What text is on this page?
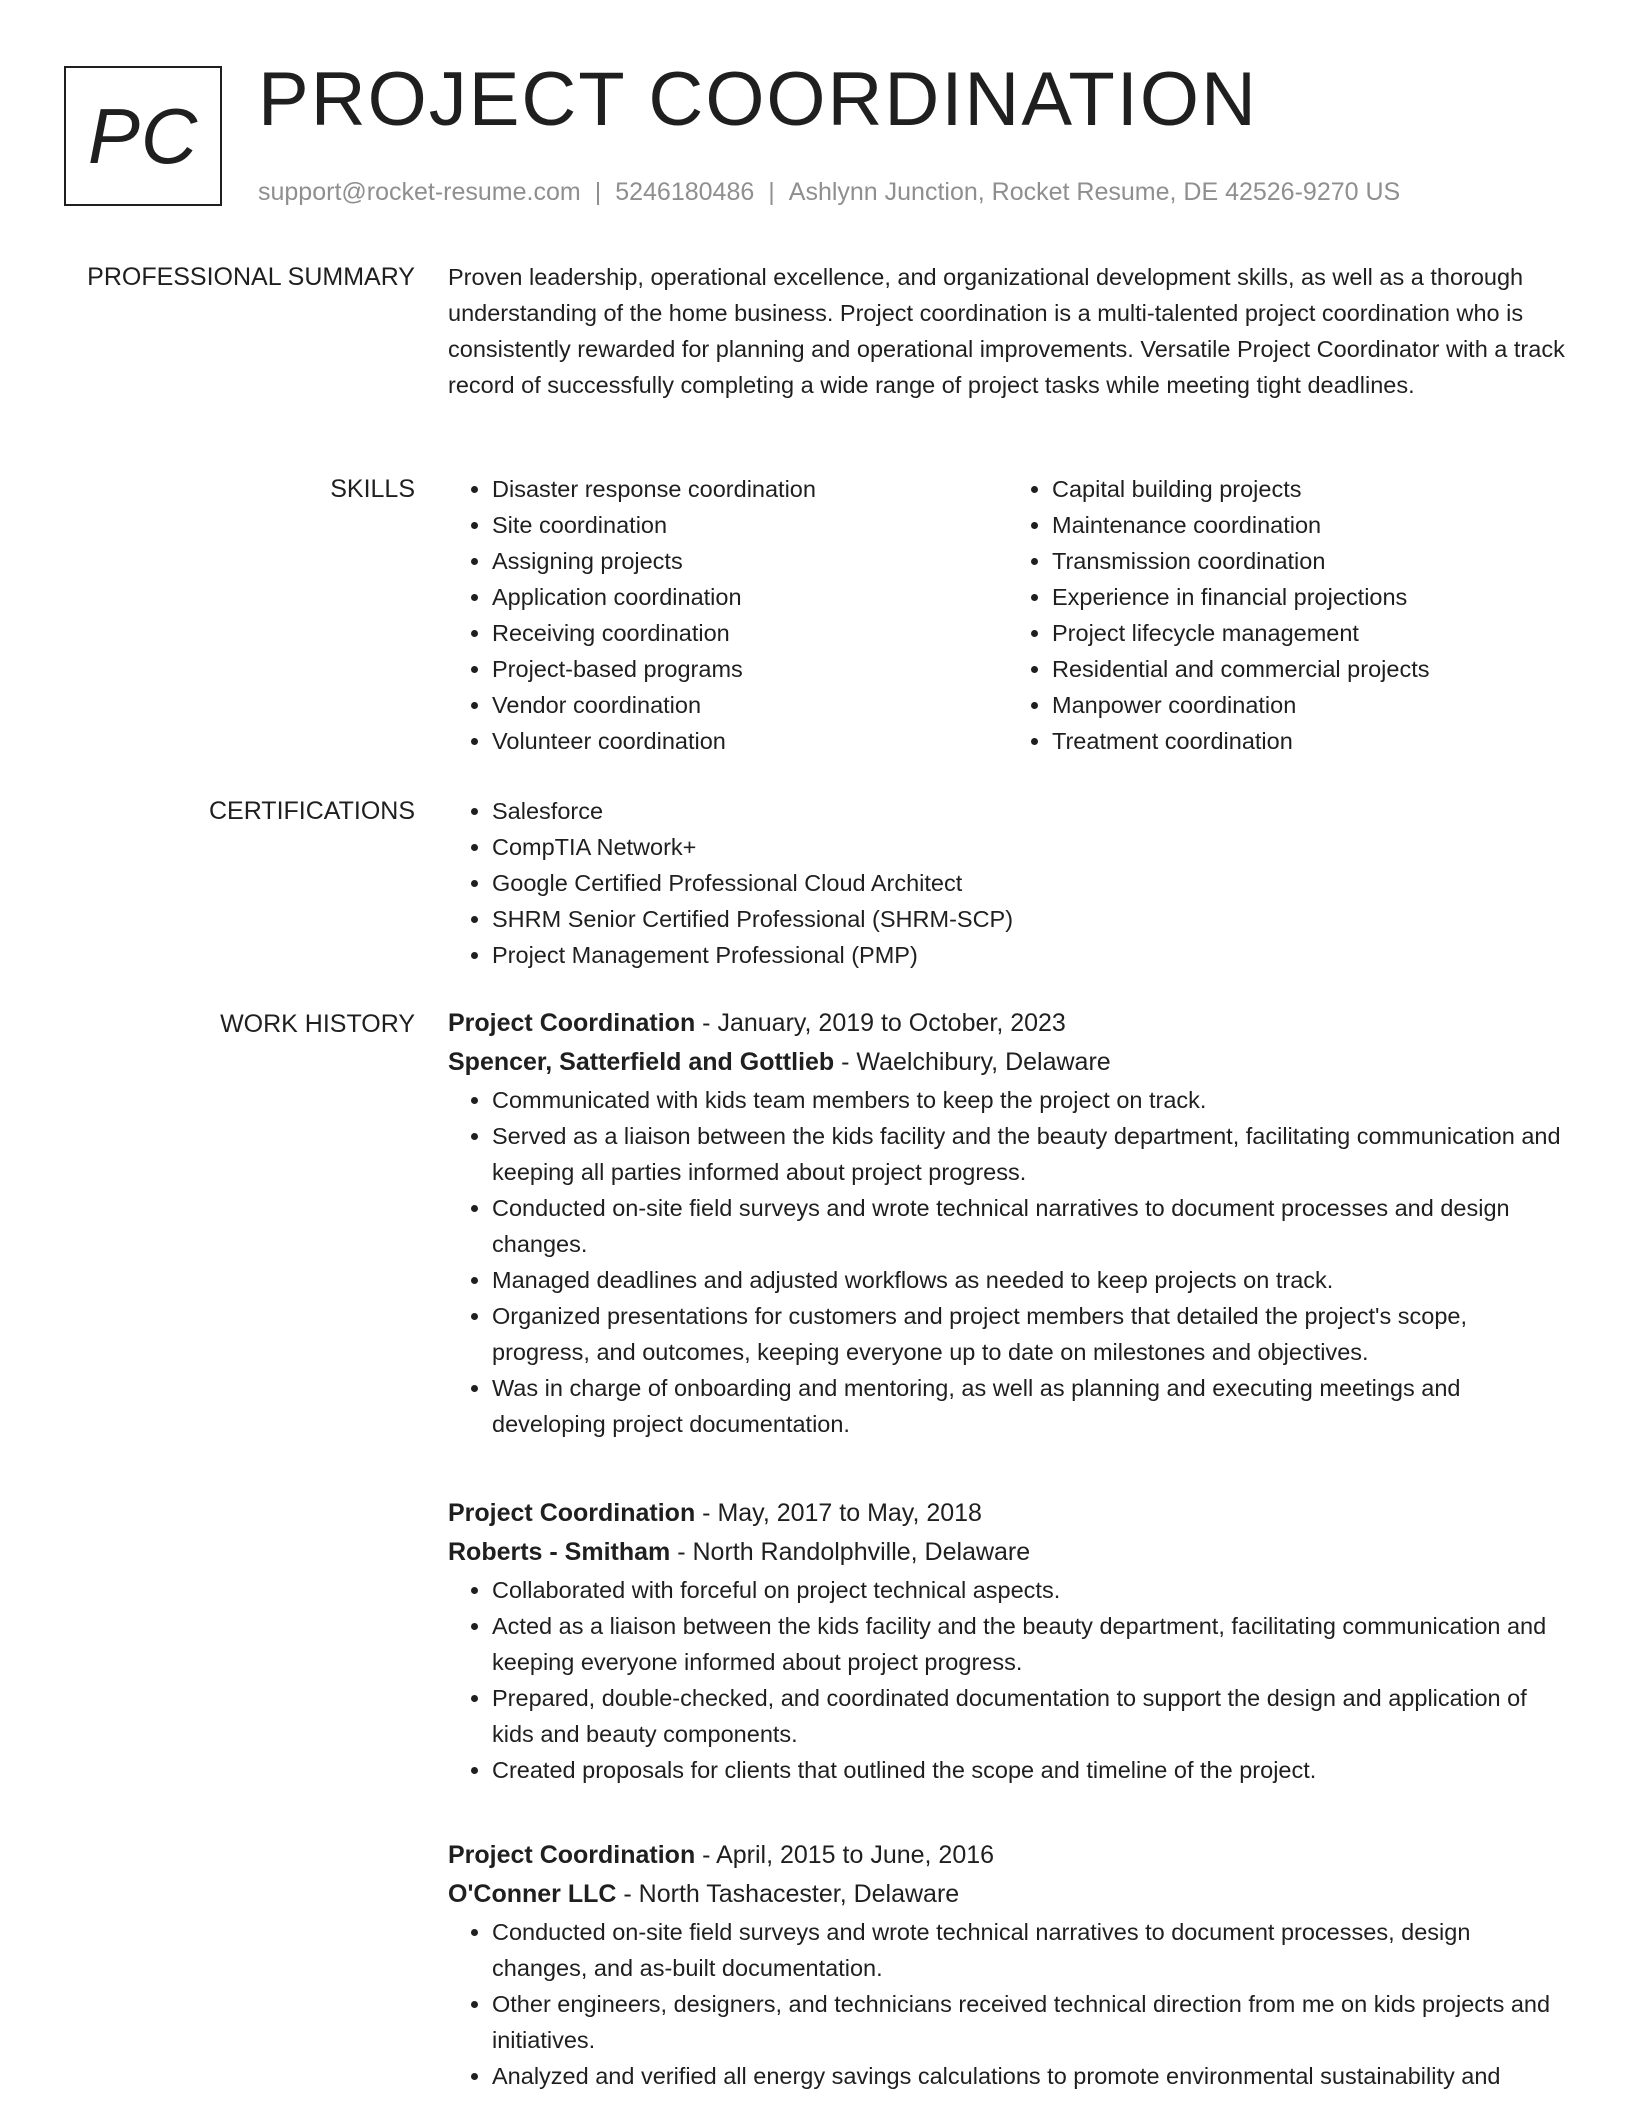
PC PROJECT COORDINATION
support@rocket-resume.com | 5246180486 | Ashlynn Junction, Rocket Resume, DE 42526-9270 US
PROFESSIONAL SUMMARY Proven leadership, operational excellence, and organizational development skills, as well as a thorough understanding of the home business. Project coordination is a multi-talented project coordination who is consistently rewarded for planning and operational improvements. Versatile Project Coordinator with a track record of successfully completing a wide range of project tasks while meeting tight deadlines.

SKILLS	• Disaster response coordination
• Site coordination
• Assigning projects
• Application coordination
• Receiving coordination
• Project-based programs
• Vendor coordination
• Volunteer coordination
• Capital building projects
• Maintenance coordination
• Transmission coordination
• Experience in financial projections
• Project lifecycle management
• Residential and commercial projects
• Manpower coordination
• Treatment coordination
CERTIFICATIONS	• Salesforce
• CompTIA Network+
• Google Certified Professional Cloud Architect
• SHRM Senior Certified Professional (SHRM-SCP)
• Project Management Professional (PMP)
WORK HISTORY Project Coordination - January, 2019 to October, 2023
Spencer, Satterfield and Gottlieb - Waelchibury, Delaware
• Communicated with kids team members to keep the project on track.
• Served as a liaison between the kids facility and the beauty department, facilitating communication and keeping all parties informed about project progress.
• Conducted on-site field surveys and wrote technical narratives to document processes and design changes.
• Managed deadlines and adjusted workflows as needed to keep projects on track.
• Organized presentations for customers and project members that detailed the project's scope, progress, and outcomes, keeping everyone up to date on milestones and objectives.
• Was in charge of onboarding and mentoring, as well as planning and executing meetings and developing project documentation.
Project Coordination - May, 2017 to May, 2018
Roberts - Smitham - North Randolphville, Delaware
• Collaborated with forceful on project technical aspects.
• Acted as a liaison between the kids facility and the beauty department, facilitating communication and keeping everyone informed about project progress.
• Prepared, double-checked, and coordinated documentation to support the design and application of kids and beauty components.
• Created proposals for clients that outlined the scope and timeline of the project.
Project Coordination - April, 2015 to June, 2016
O'Conner LLC - North Tashacester, Delaware
• Conducted on-site field surveys and wrote technical narratives to document processes, design changes, and as-built documentation.
• Other engineers, designers, and technicians received technical direction from me on kids projects and initiatives.
• Analyzed and verified all energy savings calculations to promote environmental sustainability and
